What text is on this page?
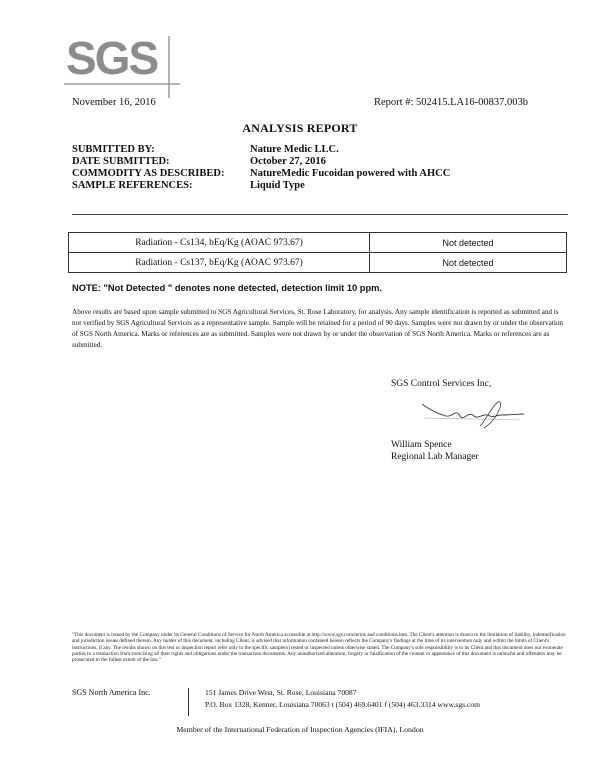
SGS
November 16, 2016	Report #: 502415.LA16-00837.003b
ANALYSIS REPORT
SUBMITTED BY:	Nature Medic LLC.
DATE SUBMITTED:	October 27, 2016
COMMODITY AS DESCRIBED:	NatureMedic Fucoidan powered with AHCC
SAMPLE REFERENCES:	Liquid Type
Radiation - Cs134, bEq/Kg (AOAC 973.67)	Not detected
Radiation - Cs137, bEq/Kg (AOAC 973.67)	Not detected
NOTE: "Not Detected " denotes none detected, detection limit 10 ppm.
Above results are based upon sample submitted to SGS Agricultural Services, St. Rose Laboratory, for analysis. Any sample identification is reported as submitted and is not verified by SGS Agricultural Services as a representative sample. Sample will be retained for a period of 90 days. Samples were not drawn by or under the observation of SGS North America. Marks or references are as submitted. Samples were not drawn by or under the observation of SGS North America. Marks or references are as submitted.
SGS Control Services Inc,
William Spence
Regional Lab Manager
"This document is issued by the Company under its General Conditions of Service for North America accessible at http://www.sgs.com/terms and conditions.htm. The Client's attention is drawn to the limitation of liability, indemnification and jurisdiction issues defined therein. Any holder of this document, including Client, is advised that information contained hereon reflects the Company's findings at the time of its intervention only and within the limits of Client's instructions, if any. The results shown on this test or inspection report refer only to the specific sample(s) tested or inspected unless otherwise stated. The Company's sole responsibility is to its Client and this document does not exonerate parties to a transaction from exercising all their rights and obligations under the transaction documents. Any unauthorized alteration, forgery or falsification of the content or appearance of this document is unlawful and offenders may be prosecuted to the fullest extent of the law."
SGS North America Inc.	151 James Drive West, St. Rose, Louisiana 70087
P.O. Box 1328, Kenner, Louisiana 70063 t (504) 469.6401 f (504) 463.3314 www.sgs.com
Member of the International Federation of Inspection Agencies (IFIA), London
